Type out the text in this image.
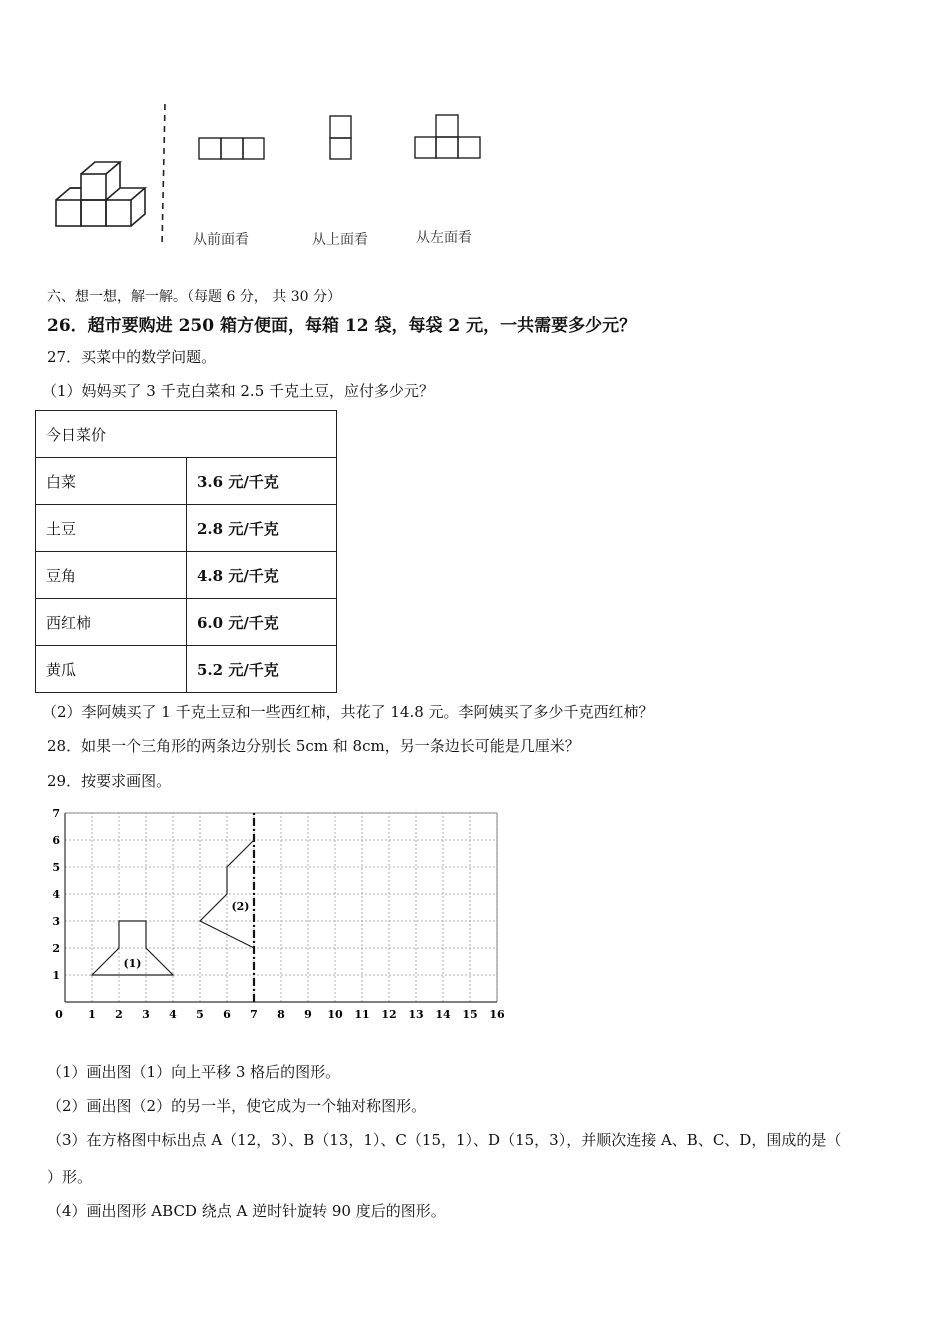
从前面看	从上面看	从左面看
六、想一想，解一解。（每题 6 分， 共 30 分）
26．超市要购进 250 箱方便面，每箱 12 袋，每袋 2 元，一共需要多少元？
27．买菜中的数学问题。
（1）妈妈买了 3 千克白菜和 2.5 千克土豆，应付多少元？
今日菜价	
白菜	3.6 元/千克
土豆	2.8 元/千克
豆角	4.8 元/千克
西红柿	6.0 元/千克
黄瓜	5.2 元/千克
（2）李阿姨买了 1 千克土豆和一些西红柿，共花了 14.8 元。李阿姨买了多少千克西红柿？
28．如果一个三角形的两条边分别长 5cm 和 8cm，另一条边长可能是几厘米？
29．按要求画图。
0 1 2 3 4 5 6 7 8 9 10 11 12 13 14 15 16
1
2
3
4
5
6
7
(1)
(2)
（1）画出图（1）向上平移 3 格后的图形。
（2）画出图（2）的另一半，使它成为一个轴对称图形。
（3）在方格图中标出点 A（12，3）、B（13，1）、C（15，1）、D（15，3），并顺次连接 A、B、C、D，围成的是（
）形。
（4）画出图形 ABCD 绕点 A 逆时针旋转 90 度后的图形。
